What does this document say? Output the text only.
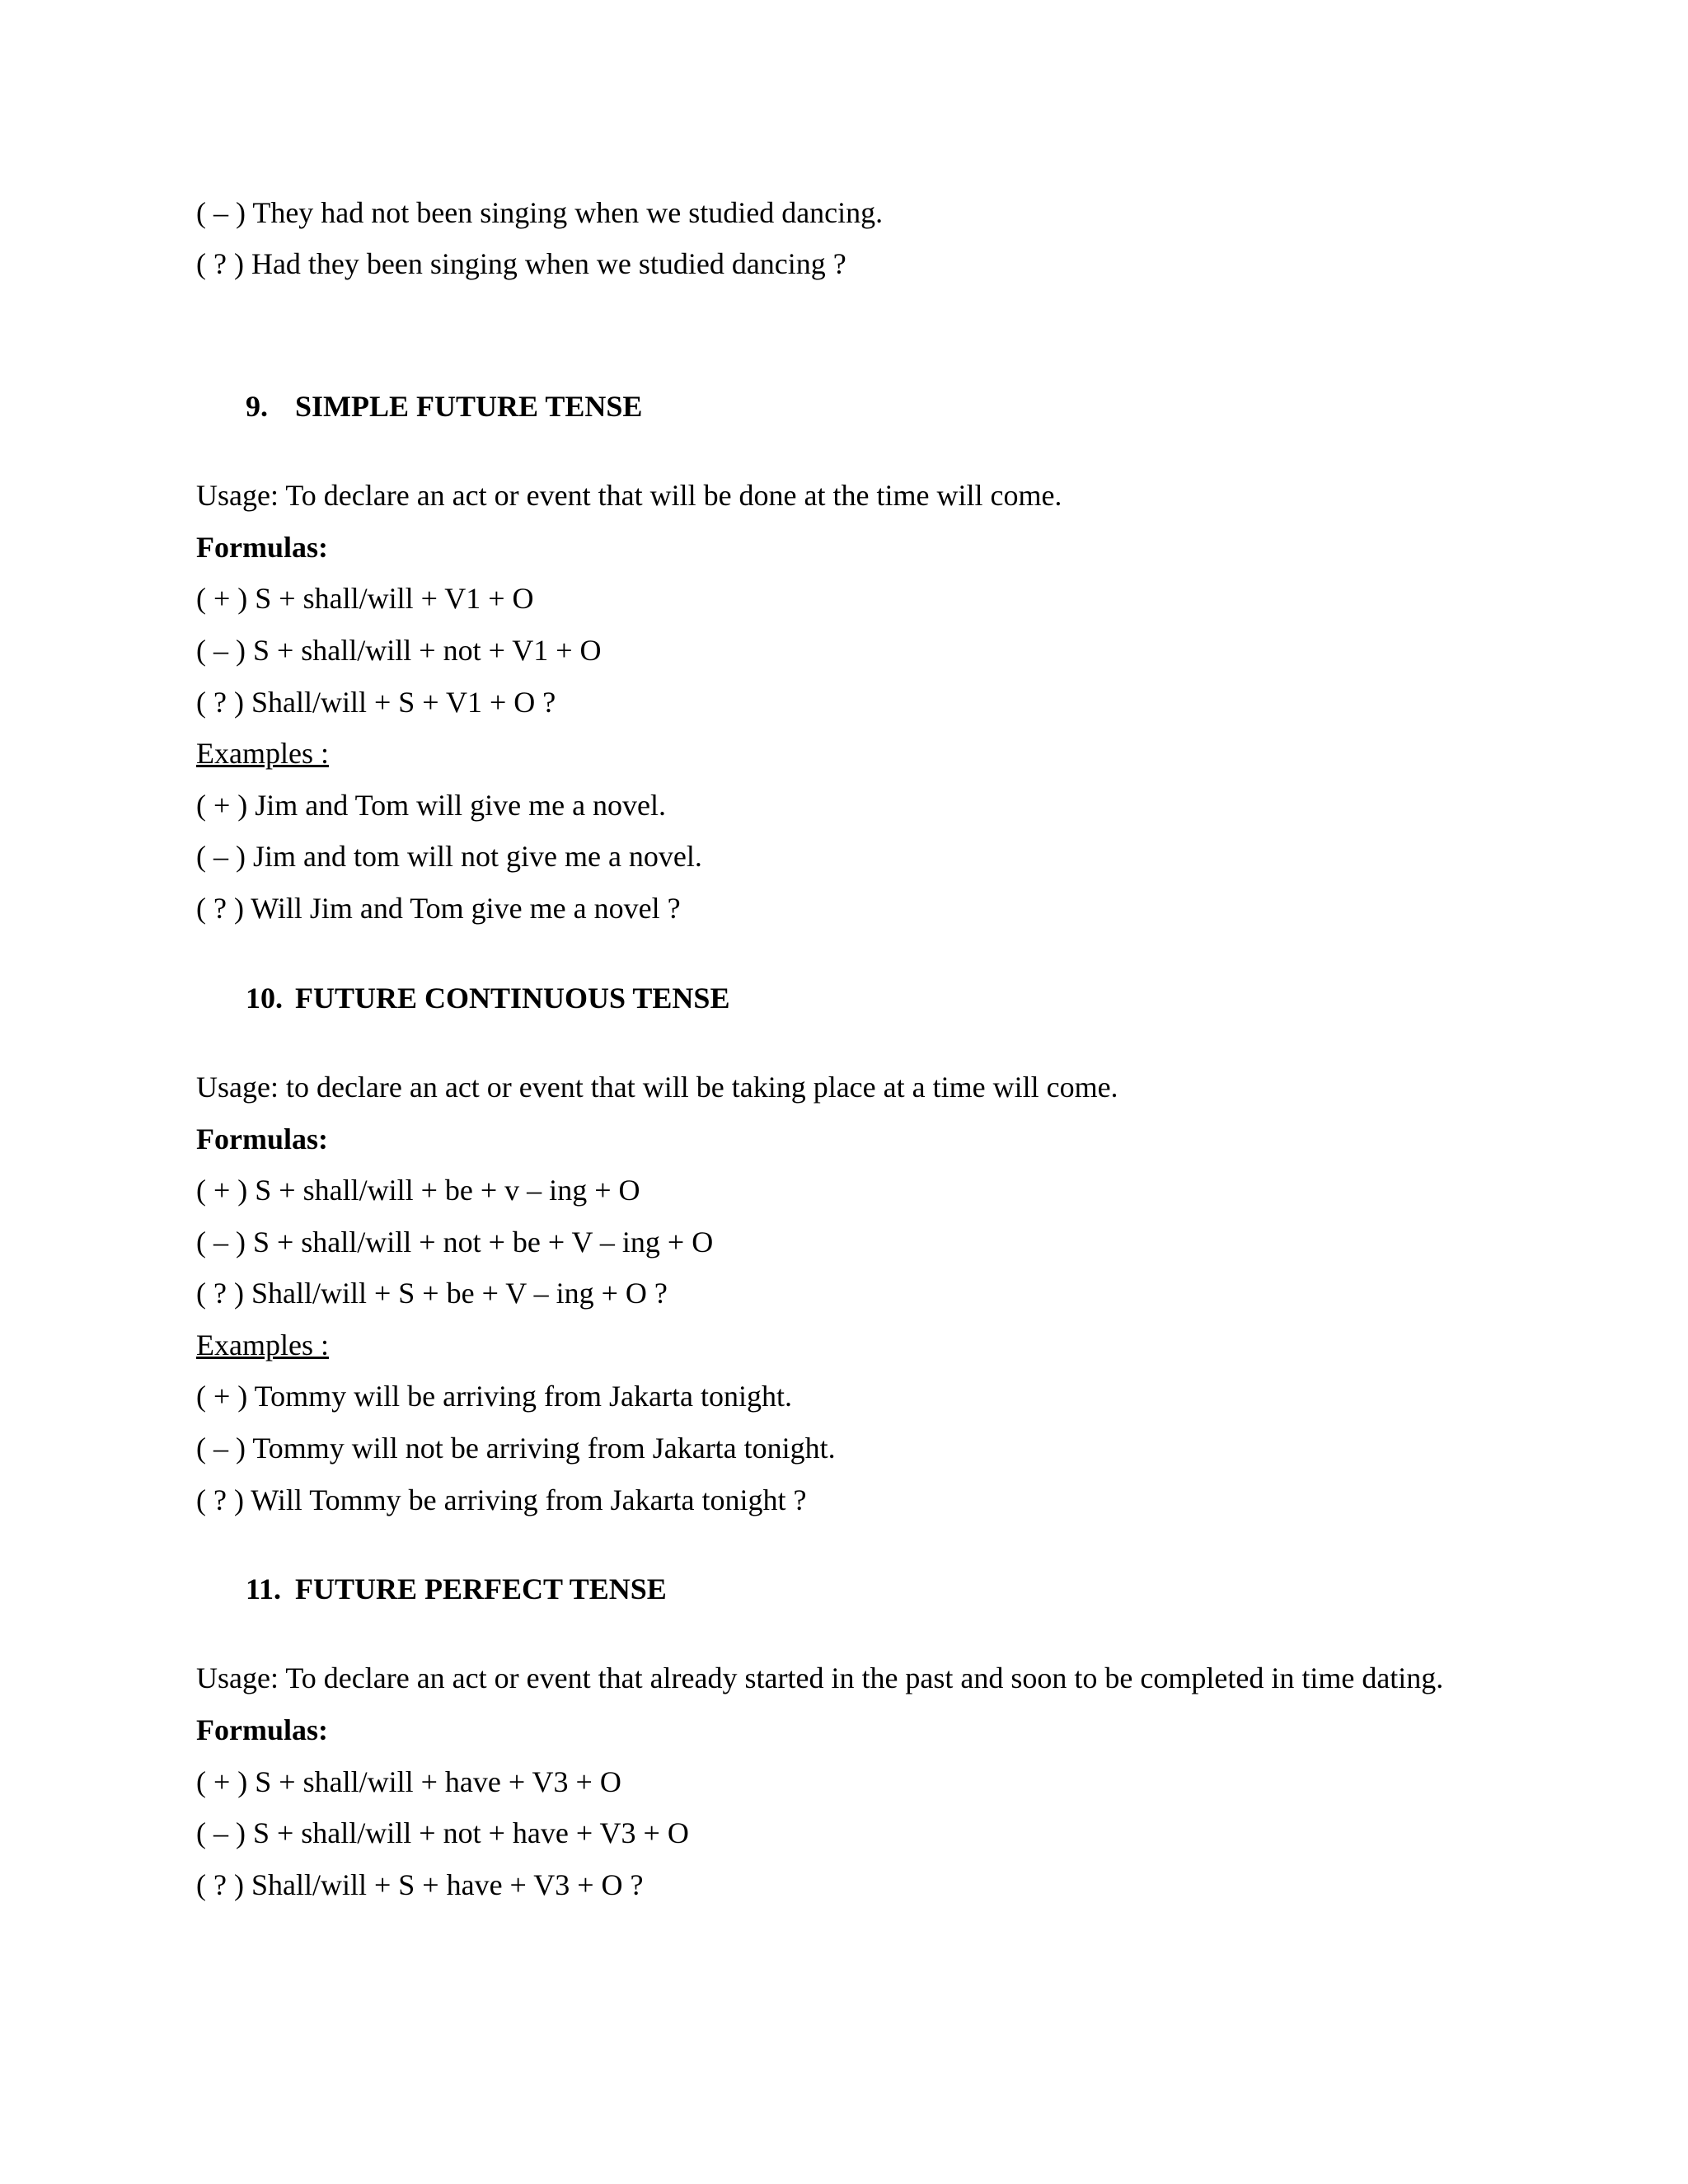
( – ) They had not been singing when we studied dancing.
( ? ) Had they been singing when we studied dancing ?
9. SIMPLE FUTURE TENSE
Usage: To declare an act or event that will be done at the time will come.
Formulas:
( + ) S + shall/will + V1 + O
( – ) S + shall/will + not + V1 + O
( ? ) Shall/will + S + V1 + O ?
Examples :
( + ) Jim and Tom will give me a novel.
( – ) Jim and tom will not give me a novel.
( ? ) Will Jim and Tom give me a novel ?
10. FUTURE CONTINUOUS TENSE
Usage: to declare an act or event that will be taking place at a time will come.
Formulas:
( + ) S + shall/will + be + v – ing + O
( – ) S + shall/will + not + be + V – ing + O
( ? ) Shall/will + S + be + V – ing + O ?
Examples :
( + ) Tommy will be arriving from Jakarta tonight.
( – ) Tommy will not be arriving from Jakarta tonight.
( ? ) Will Tommy be arriving from Jakarta tonight ?
11. FUTURE PERFECT TENSE
Usage: To declare an act or event that already started in the past and soon to be completed in time dating.
Formulas:
( + ) S + shall/will + have + V3 + O
( – ) S + shall/will + not + have + V3 + O
( ? ) Shall/will + S + have + V3 + O ?
